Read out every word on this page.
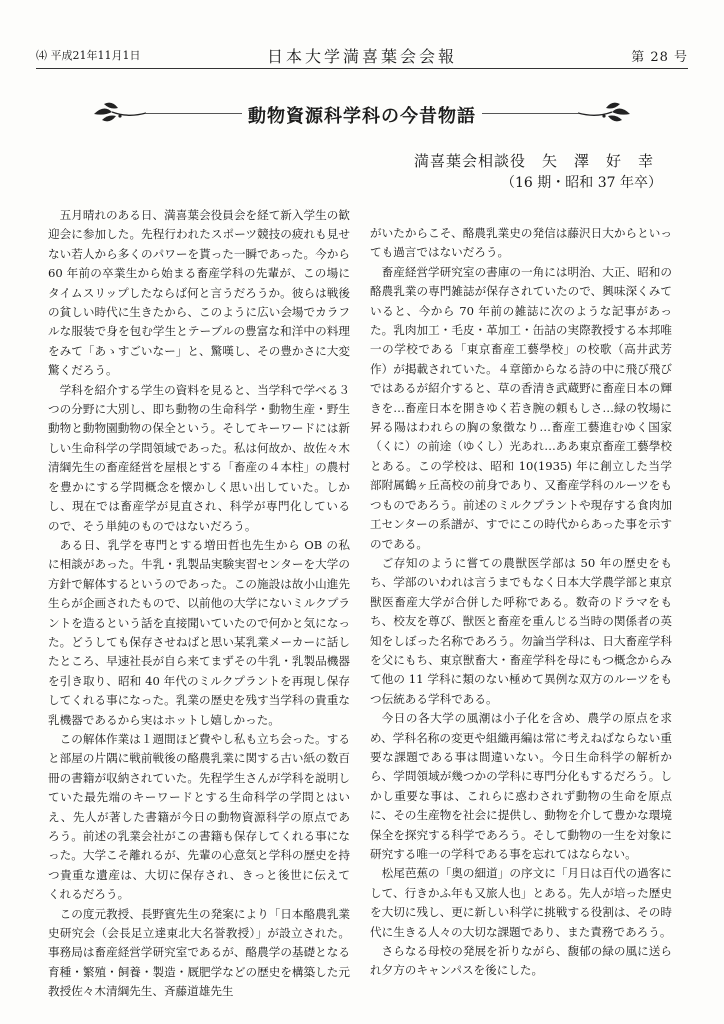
⑷ 平成21年11月1日	日本大学満喜葉会会報	第 28 号
動物資源科学科の今昔物語
満喜葉会相談役　矢　澤　好　幸
（16 期・昭和 37 年卒）

五月晴れのある日、満喜葉会役員会を経て新入学生の歓迎会に参加した。先程行われたスポーツ競技の疲れも見せない若人から多くのパワーを貰った一瞬であった。今から 60 年前の卒業生から始まる畜産学科の先輩が、この場にタイムスリップしたならば何と言うだろうか。彼らは戦後の貧しい時代に生きたから、このように広い会場でカラフルな服装で身を包む学生とテーブルの豊富な和洋中の料理をみて「あゝすごいなー」と、驚嘆し、その豊かさに大変驚くだろう。

学科を紹介する学生の資料を見ると、当学科で学べる３つの分野に大別し、即ち動物の生命科学・動物生産・野生動物と動物園動物の保全という。そしてキーワードには新しい生命科学の学問領域であった。私は何故か、故佐々木清綱先生の畜産経営を屋根とする「畜産の４本柱」の農村を豊かにする学問概念を懐かしく思い出していた。しかし、現在では畜産学が見直され、科学が専門化しているので、そう単純のものではないだろう。

ある日、乳学を専門とする増田哲也先生から OB の私に相談があった。牛乳・乳製品実験実習センターを大学の方針で解体するというのであった。この施設は故小山進先生らが企画されたもので、以前他の大学にないミルクプラントを造るという話を直接聞いていたので何かと気になった。どうしても保存させねばと思い某乳業メーカーに話したところ、早速社長が自ら来てまずその牛乳・乳製品機器を引き取り、昭和 40 年代のミルクプラントを再現し保存してくれる事になった。乳業の歴史を残す当学科の貴重な乳機器であるから実はホットし嬉しかった。

この解体作業は１週間ほど費やし私も立ち会った。すると部屋の片隅に戦前戦後の酪農乳業に関する古い紙の数百冊の書籍が収納されていた。先程学生さんが学科を説明していた最先端のキーワードとする生命科学の学問とはいえ、先人が著した書籍が今日の動物資源科学の原点であろう。前述の乳業会社がこの書籍も保存してくれる事になった。大学こそ離れるが、先輩の心意気と学科の歴史を持つ貴重な遺産は、大切に保存され、きっと後世に伝えてくれるだろう。

この度元教授、長野賓先生の発案により「日本酪農乳業史研究会（会長足立達東北大名誉教授）」が設立された。事務局は畜産経営学研究室であるが、酪農学の基礎となる育種・繁殖・飼養・製造・厩肥学などの歴史を構築した元教授佐々木清綱先生、斉藤道雄先生

がいたからこそ、酪農乳業史の発信は藤沢日大からといっても過言ではないだろう。

畜産経営学研究室の書庫の一角には明治、大正、昭和の酪農乳業の専門雑誌が保存されていたので、興味深くみていると、今から 70 年前の雑誌に次のような記事があった。乳肉加工・毛皮・革加工・缶詰の実際教授する本邦唯一の学校である「東京畜産工藝學校」の校歌（高井武芳作）が掲載されていた。４章節からなる詩の中に飛び飛びではあるが紹介すると、草の香清き武蔵野に畜産日本の輝きを…畜産日本を開きゆく若き腕の頼もしさ…緑の牧場に昇る陽はわれらの胸の象徴なり…畜産工藝進むゆく国家（くに）の前途（ゆくし）光あれ…ああ東京畜産工藝學校とある。この学校は、昭和 10(1935) 年に創立した当学部附属鶴ヶ丘高校の前身であり、又畜産学科のルーツをもつものであろう。前述のミルクプラントや現存する食肉加工センターの系譜が、すでにこの時代からあった事を示すのである。

ご存知のように嘗ての農獣医学部は 50 年の歴史をもち、学部のいわれは言うまでもなく日本大学農学部と東京獣医畜産大学が合併した呼称である。数奇のドラマをもち、校友を尊び、獣医と畜産を重んじる当時の関係者の英知をしぼった名称であろう。勿論当学科は、日大畜産学科を父にもち、東京獣畜大・畜産学科を母にもつ概念からみて他の 11 学科に類のない極めて異例な双方のルーツをもつ伝統ある学科である。

今日の各大学の風潮は小子化を含め、農学の原点を求め、学科名称の変更や組織再編は常に考えねばならない重要な課題である事は間違いない。今日生命科学の解析から、学問領域が幾つかの学科に専門分化もするだろう。しかし重要な事は、これらに惑わされず動物の生命を原点に、その生産物を社会に提供し、動物を介して豊かな環境保全を探究する科学であろう。そして動物の一生を対象に研究する唯一の学科である事を忘れてはならない。

松尾芭蕉の「奥の細道」の序文に「月日は百代の過客にして、行きかふ年も又旅人也」とある。先人が培った歴史を大切に残し、更に新しい科学に挑戦する役割は、その時代に生きる人々の大切な課題であり、また責務であろう。

さらなる母校の発展を祈りながら、馥郁の緑の風に送られ夕方のキャンパスを後にした。
